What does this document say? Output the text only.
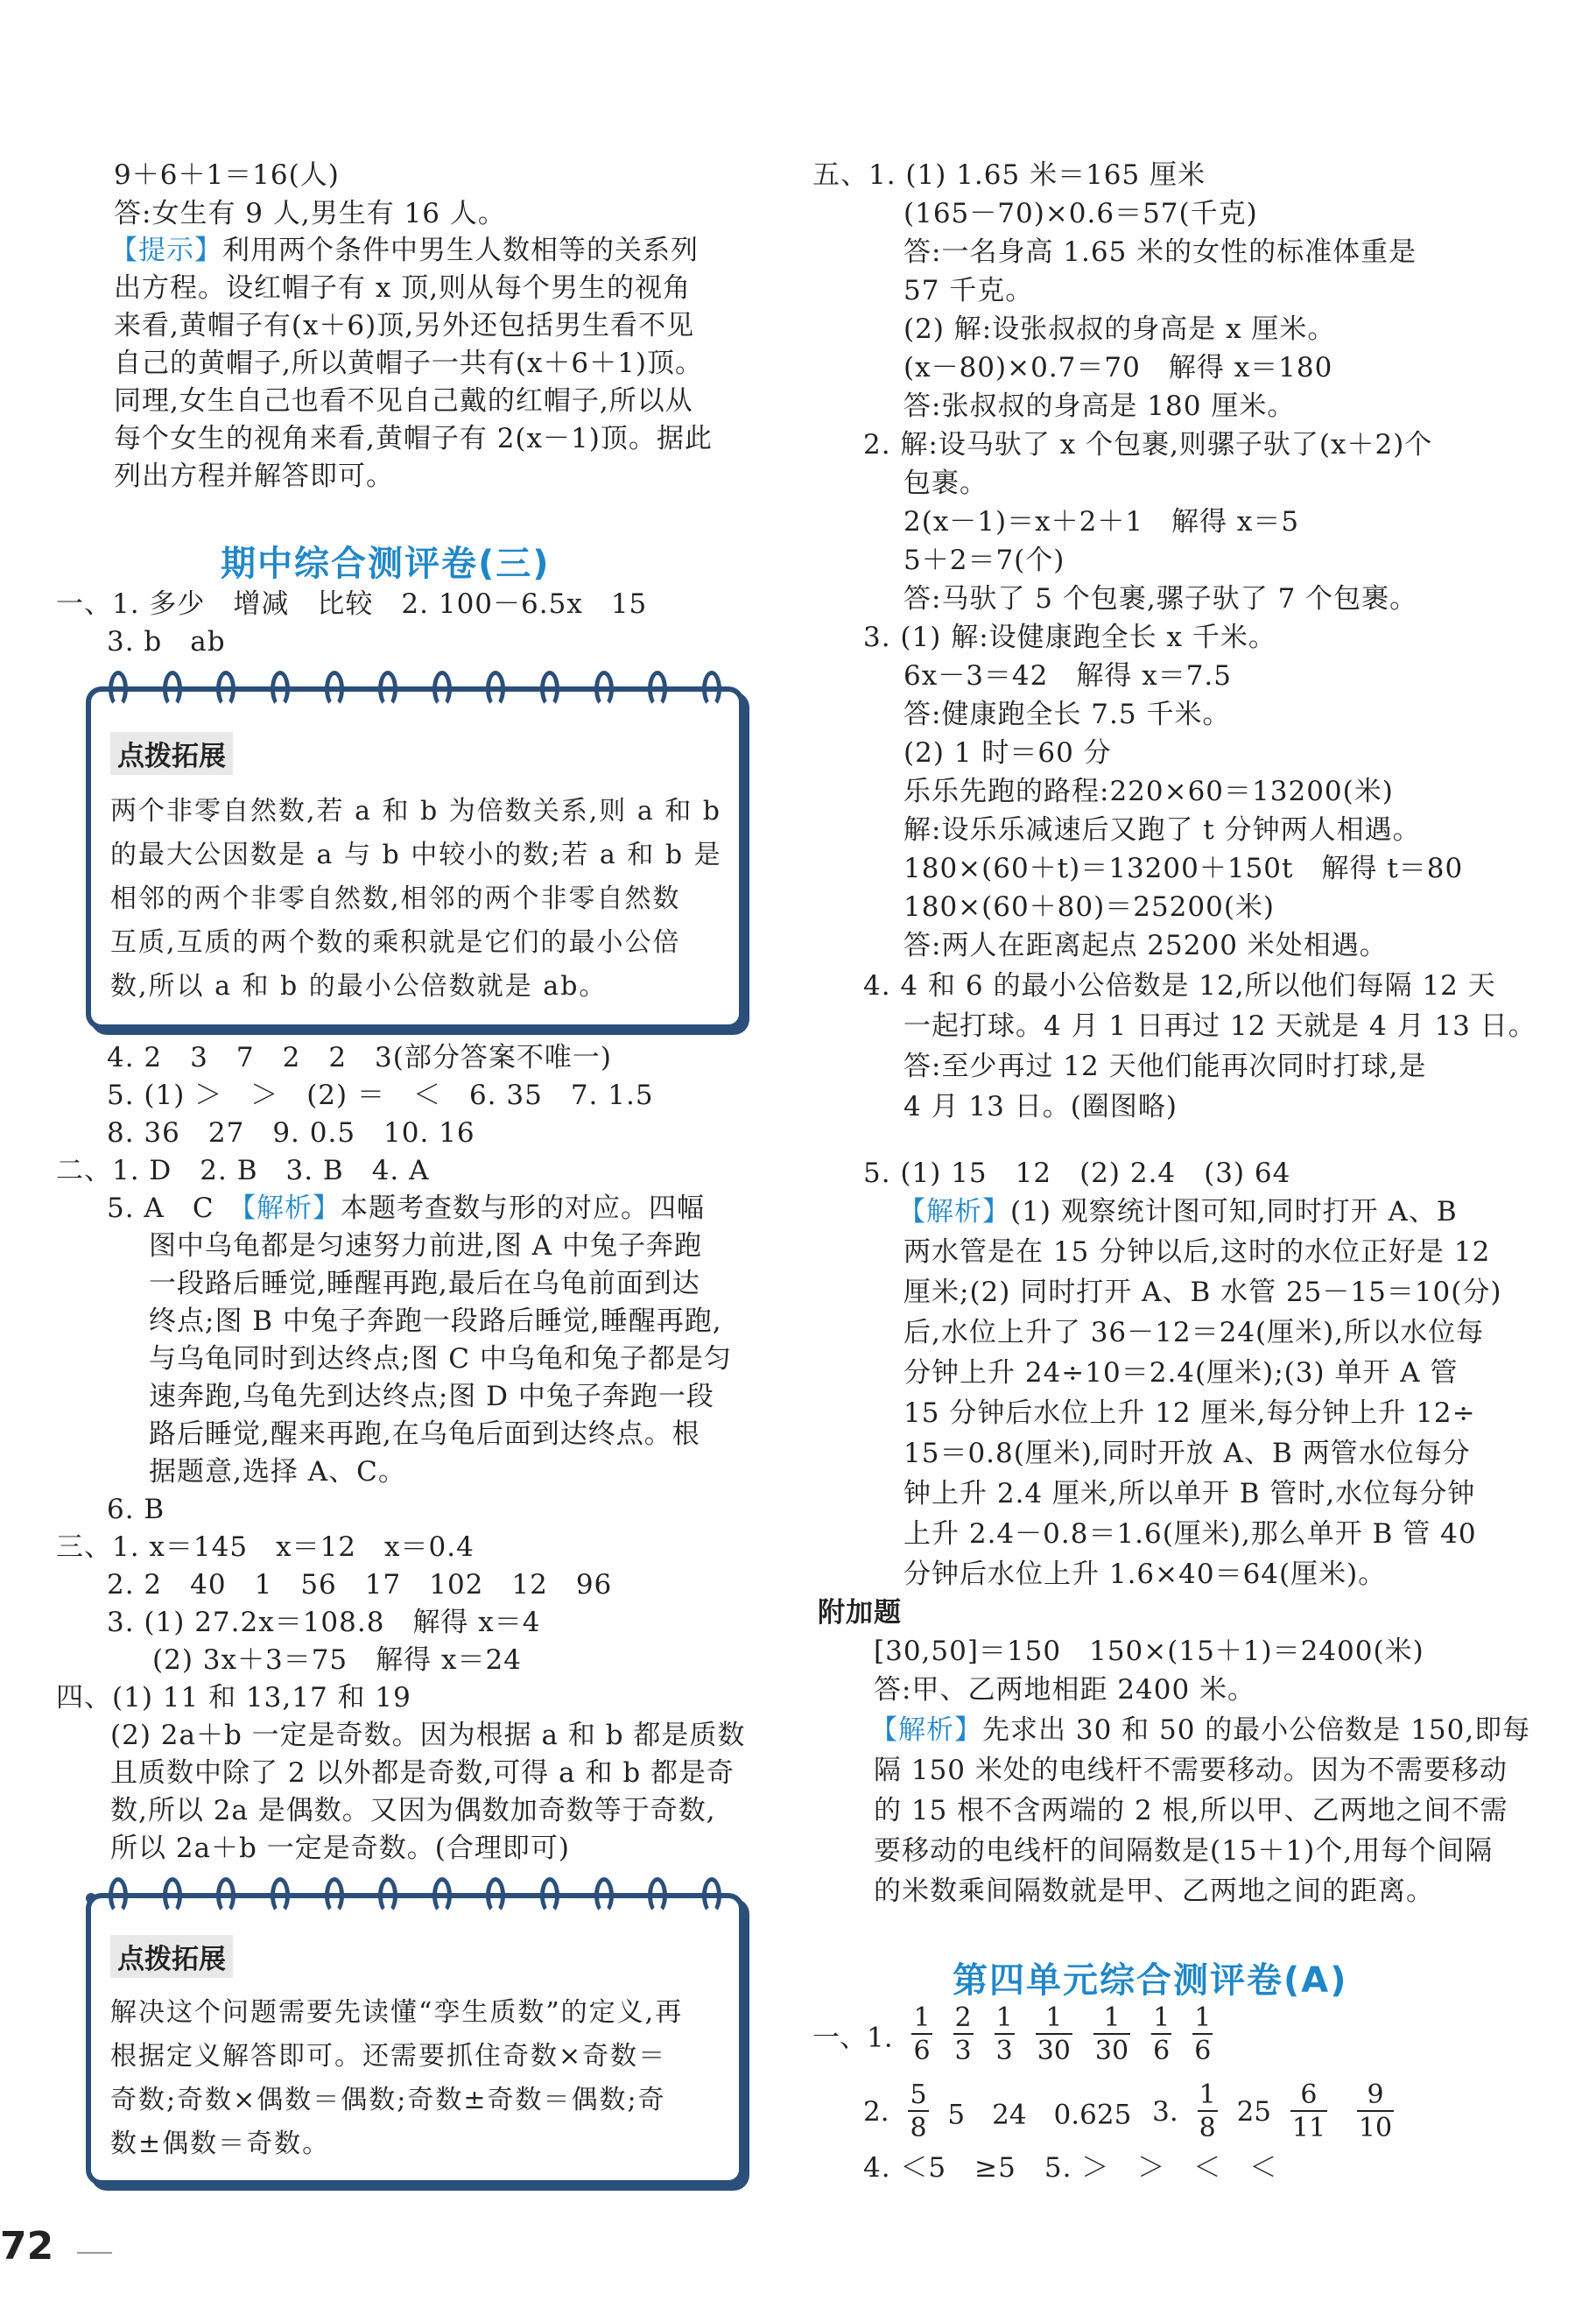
9＋6＋1＝16(人)
答:女生有 9 人,男生有 16 人。
【提示】利用两个条件中男生人数相等的关系列
出方程。设红帽子有 x 顶,则从每个男生的视角
来看,黄帽子有(x＋6)顶,另外还包括男生看不见
自己的黄帽子,所以黄帽子一共有(x＋6＋1)顶。
同理,女生自己也看不见自己戴的红帽子,所以从
每个女生的视角来看,黄帽子有 2(x－1)顶。据此
列出方程并解答即可。
期中综合测评卷(三)
一、1. 多少　增减　比较　2. 100－6.5x　15
3. b　ab
点拨拓展
两个非零自然数,若 a 和 b 为倍数关系,则 a 和 b
的最大公因数是 a 与 b 中较小的数;若 a 和 b 是
相邻的两个非零自然数,相邻的两个非零自然数
互质,互质的两个数的乘积就是它们的最小公倍
数,所以 a 和 b 的最小公倍数就是 ab。
4. 2　3　7　2　2　3(部分答案不唯一)
5. (1) ＞　＞　(2) ＝　＜　6. 35　7. 1.5
8. 36　27　9. 0.5　10. 16
二、1. D　2. B　3. B　4. A
5. A　C　 【解析】本题考查数与形的对应。四幅
图中乌龟都是匀速努力前进,图 A 中兔子奔跑
一段路后睡觉,睡醒再跑,最后在乌龟前面到达
终点;图 B 中兔子奔跑一段路后睡觉,睡醒再跑,
与乌龟同时到达终点;图 C 中乌龟和兔子都是匀
速奔跑,乌龟先到达终点;图 D 中兔子奔跑一段
路后睡觉,醒来再跑,在乌龟后面到达终点。根
据题意,选择 A、C。
6. B
三、1. x＝145　x＝12　x＝0.4
2. 2　40　1　56　17　102　12　96
3. (1) 27.2x＝108.8　解得 x＝4
(2) 3x＋3＝75　解得 x＝24
四、(1) 11 和 13,17 和 19
(2) 2a＋b 一定是奇数。因为根据 a 和 b 都是质数
且质数中除了 2 以外都是奇数,可得 a 和 b 都是奇
数,所以 2a 是偶数。又因为偶数加奇数等于奇数,
所以 2a＋b 一定是奇数。(合理即可)
点拨拓展
解决这个问题需要先读懂“孪生质数”的定义,再
根据定义解答即可。还需要抓住奇数×奇数＝
奇数;奇数×偶数＝偶数;奇数±奇数＝偶数;奇
数±偶数＝奇数。
72
五、1. (1) 1.65 米＝165 厘米
(165－70)×0.6＝57(千克)
答:一名身高 1.65 米的女性的标准体重是
57 千克。
(2) 解:设张叔叔的身高是 x 厘米。
(x－80)×0.7＝70　解得 x＝180
答:张叔叔的身高是 180 厘米。
2. 解:设马驮了 x 个包裹,则骡子驮了(x＋2)个
包裹。
2(x－1)＝x＋2＋1　解得 x＝5
5＋2＝7(个)
答:马驮了 5 个包裹,骡子驮了 7 个包裹。
3. (1) 解:设健康跑全长 x 千米。
6x－3＝42　解得 x＝7.5
答:健康跑全长 7.5 千米。
(2) 1 时＝60 分
乐乐先跑的路程:220×60＝13200(米)
解:设乐乐减速后又跑了 t 分钟两人相遇。
180×(60＋t)＝13200＋150t　解得 t＝80
180×(60＋80)＝25200(米)
答:两人在距离起点 25200 米处相遇。
4. 4 和 6 的最小公倍数是 12,所以他们每隔 12 天
一起打球。4 月 1 日再过 12 天就是 4 月 13 日。
答:至少再过 12 天他们能再次同时打球,是
4 月 13 日。(圈图略)
5. (1) 15　12　(2) 2.4　(3) 64
【解析】(1) 观察统计图可知,同时打开 A、B
两水管是在 15 分钟以后,这时的水位正好是 12
厘米;(2) 同时打开 A、B 水管 25－15＝10(分)
后,水位上升了 36－12＝24(厘米),所以水位每
分钟上升 24÷10＝2.4(厘米);(3) 单开 A 管
15 分钟后水位上升 12 厘米,每分钟上升 12÷
15＝0.8(厘米),同时开放 A、B 两管水位每分
钟上升 2.4 厘米,所以单开 B 管时,水位每分钟
上升 2.4－0.8＝1.6(厘米),那么单开 B 管 40
分钟后水位上升 1.6×40＝64(厘米)。
附加题
[30,50]＝150　150×(15＋1)＝2400(米)
答:甲、乙两地相距 2400 米。
【解析】先求出 30 和 50 的最小公倍数是 150,即每
隔 150 米处的电线杆不需要移动。因为不需要移动
的 15 根不含两端的 2 根,所以甲、乙两地之间不需
要移动的电线杆的间隔数是(15＋1)个,用每个间隔
的米数乘间隔数就是甲、乙两地之间的距离。
第四单元综合测评卷(A)
一、1. $\frac{1}{6} \frac{2}{3} \frac{1}{3} \frac{1}{30} \frac{1}{30} \frac{1}{6} \frac{1}{6}$
2. $\frac{5}{8} 5$　24　0.625 3. $\frac{1}{8} 25 \frac{6}{11}$
$\frac{9}{10}$
4. ＜5　≥5　5. ＞　＞　＜　＜
